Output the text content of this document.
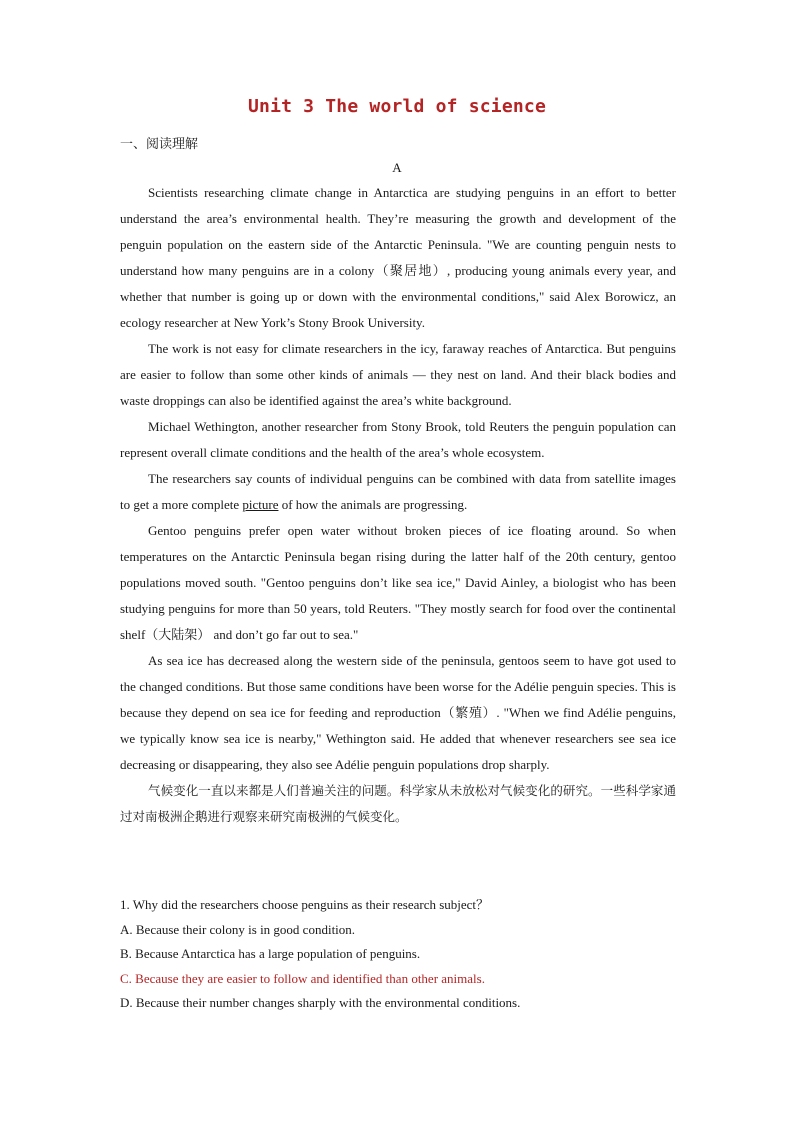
Unit 3 The world of science
一、阅读理解
A

Scientists researching climate change in Antarctica are studying penguins in an effort to better understand the area’s environmental health. They’re measuring the growth and development of the penguin population on the eastern side of the Antarctic Peninsula. "We are counting penguin nests to understand how many penguins are in a colony（聚居地）, producing young animals every year, and whether that number is going up or down with the environmental conditions," said Alex Borowicz, an ecology researcher at New York’s Stony Brook University.

The work is not easy for climate researchers in the icy, faraway reaches of Antarctica. But penguins are easier to follow than some other kinds of animals — they nest on land. And their black bodies and waste droppings can also be identified against the area’s white background.

Michael Wethington, another researcher from Stony Brook, told Reuters the penguin population can represent overall climate conditions and the health of the area’s whole ecosystem.

The researchers say counts of individual penguins can be combined with data from satellite images to get a more complete picture of how the animals are progressing.

Gentoo penguins prefer open water without broken pieces of ice floating around. So when temperatures on the Antarctic Peninsula began rising during the latter half of the 20th century, gentoo populations moved south. "Gentoo penguins don’t like sea ice," David Ainley, a biologist who has been studying penguins for more than 50 years, told Reuters. "They mostly search for food over the continental shelf（大陆架） and don’t go far out to sea."

As sea ice has decreased along the western side of the peninsula, gentoos seem to have got used to the changed conditions. But those same conditions have been worse for the Adélie penguin species. This is because they depend on sea ice for feeding and reproduction（繁殖）. "When we find Adélie penguins, we typically know sea ice is nearby," Wethington said. He added that whenever researchers see sea ice decreasing or disappearing, they also see Adélie penguin populations drop sharply.

气候变化一直以来都是人们普遍关注的问题。科学家从未放松对气候变化的研究。一些科学家通过对南极洲企鹅进行观察来研究南极洲的气候变化。

1. Why did the researchers choose penguins as their research subject？

A. Because their colony is in good condition.

B. Because Antarctica has a large population of penguins.

C. Because they are easier to follow and identified than other animals.

D. Because their number changes sharply with the environmental conditions.
